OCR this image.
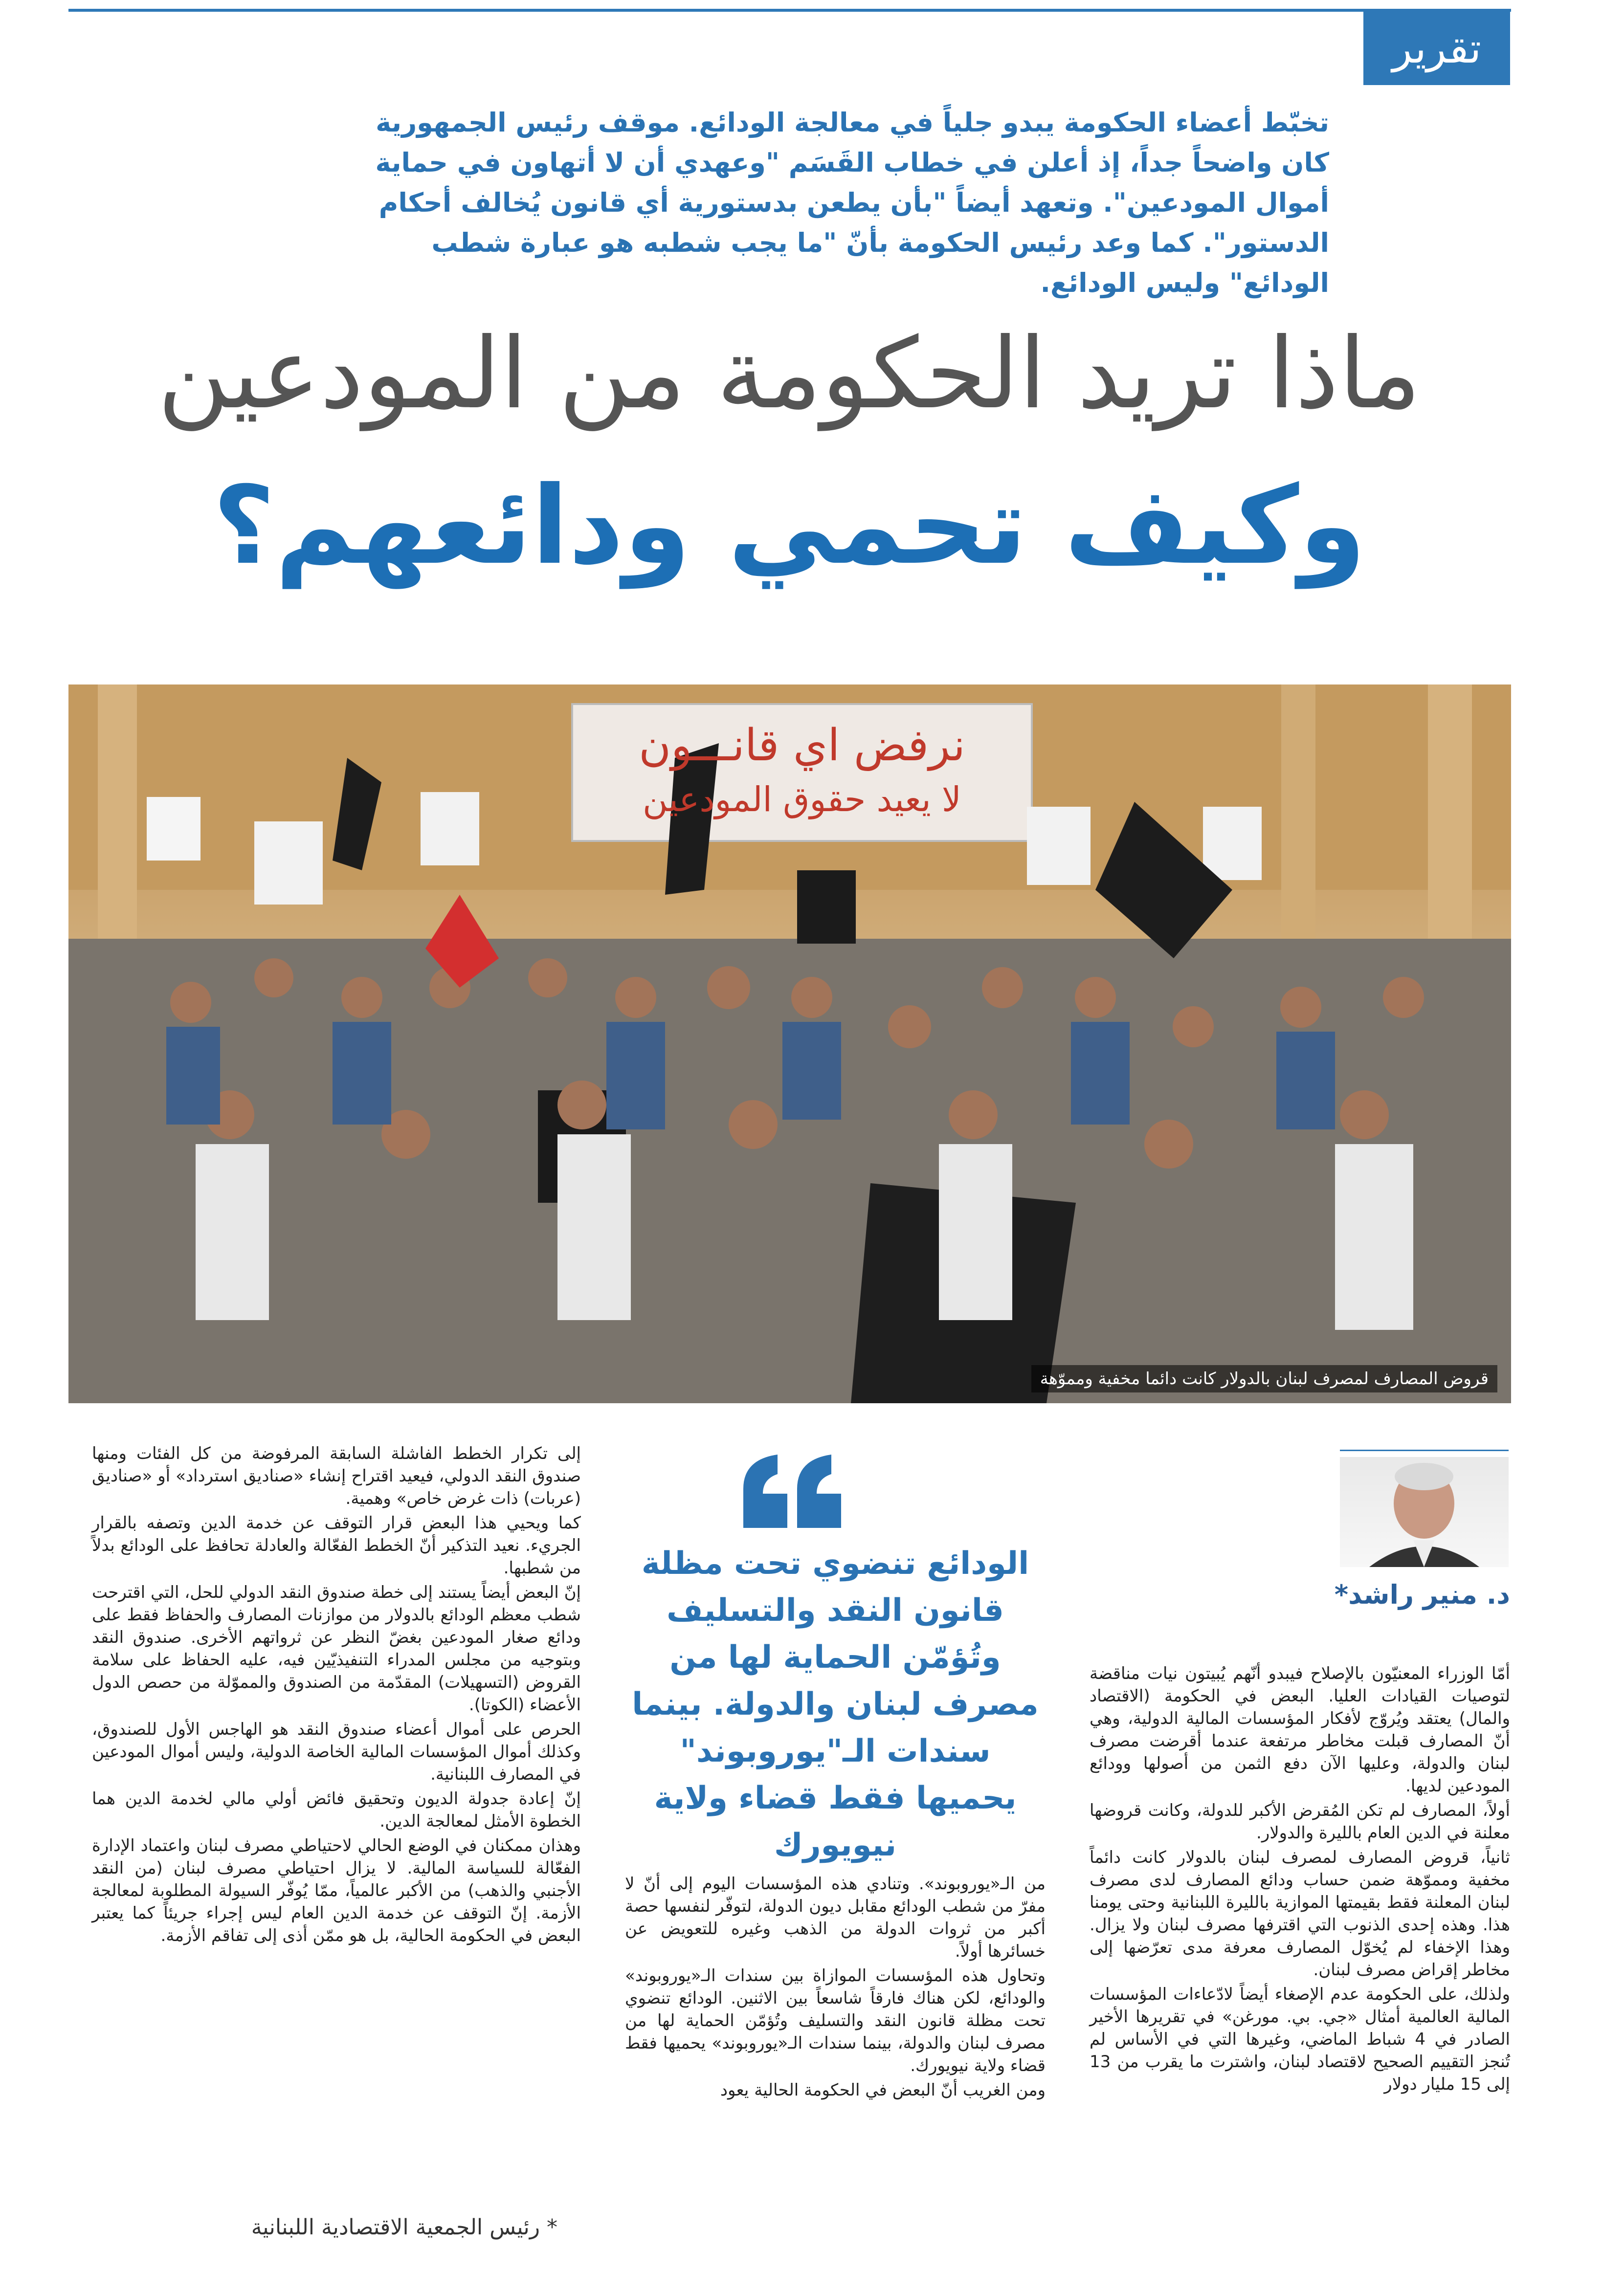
تقرير
تخبّط أعضاء الحكومة يبدو جلياً في معالجة الودائع. موقف رئيس الجمهورية كان واضحاً جداً، إذ أعلن في خطاب القَسَم "وعهدي أن لا أتهاون في حماية أموال المودعين". وتعهد أيضاً "بأن يطعن بدستورية أي قانون يُخالف أحكام الدستور". كما وعد رئيس الحكومة بأنّ "ما يجب شطبه هو عبارة شطب الودائع" وليس الودائع.
ماذا تريد الحكومة من المودعين
وكيف تحمي ودائعهم؟
نرفض اي قانـــون
لا يعيد حقوق المودعين
قروض المصارف لمصرف لبنان بالدولار كانت دائما مخفية ومموّهة
د. منير راشد*
الودائع تنضوي تحت مظلة قانون النقد والتسليف وتُؤمّن الحماية لها من مصرف لبنان والدولة. بينما سندات الـ"يوروبوند" يحميها فقط قضاء ولاية نيويورك

أمّا الوزراء المعنيّون بالإصلاح فيبدو أنّهم يُبيتون نيات مناقضة لتوصيات القيادات العليا. البعض في الحكومة (الاقتصاد والمال) يعتقد ويُروّج لأفكار المؤسسات المالية الدولية، وهي أنّ المصارف قبلت مخاطر مرتفعة عندما أقرضت مصرف لبنان والدولة، وعليها الآن دفع الثمن من أصولها وودائع المودعين لديها.

أولاً، المصارف لم تكن المُقرض الأكبر للدولة، وكانت قروضها معلنة في الدين العام بالليرة والدولار.

ثانياً، قروض المصارف لمصرف لبنان بالدولار كانت دائماً مخفية ومموّهة ضمن حساب ودائع المصارف لدى مصرف لبنان المعلنة فقط بقيمتها الموازية بالليرة اللبنانية وحتى يومنا هذا. وهذه إحدى الذنوب التي اقترفها مصرف لبنان ولا يزال. وهذا الإخفاء لم يُخوّل المصارف معرفة مدى تعرّضها إلى مخاطر إقراض مصرف لبنان.

ولذلك، على الحكومة عدم الإصغاء أيضاً لادّعاءات المؤسسات المالية العالمية أمثال «جي. بي. مورغن» في تقريرها الأخير الصادر في 4 شباط الماضي، وغيرها التي في الأساس لم تُنجز التقييم الصحيح لاقتصاد لبنان، واشترت ما يقرب من 13 إلى 15 مليار دولار

من الـ«يوروبوند». وتنادي هذه المؤسسات اليوم إلى أنّ لا مفرّ من شطب الودائع مقابل ديون الدولة، لتوفّر لنفسها حصة أكبر من ثروات الدولة من الذهب وغيره للتعويض عن خسائرها أولاً.

وتحاول هذه المؤسسات الموازاة بين سندات الـ«يوروبوند» والودائع، لكن هناك فارقاً شاسعاً بين الاثنين. الودائع تنضوي تحت مظلة قانون النقد والتسليف وتُؤمّن الحماية لها من مصرف لبنان والدولة، بينما سندات الـ«يوروبوند» يحميها فقط قضاء ولاية نيويورك.

ومن الغريب أنّ البعض في الحكومة الحالية يعود

إلى تكرار الخطط الفاشلة السابقة المرفوضة من كل الفئات ومنها صندوق النقد الدولي، فيعيد اقتراح إنشاء «صناديق استرداد» أو «صناديق (عربات) ذات غرض خاص» وهمية.

كما ويحيي هذا البعض قرار التوقف عن خدمة الدين وتصفه بالقرار الجريء. نعيد التذكير أنّ الخطط الفعّالة والعادلة تحافظ على الودائع بدلاً من شطبها.

إنّ البعض أيضاً يستند إلى خطة صندوق النقد الدولي للحل، التي اقترحت شطب معظم الودائع بالدولار من موازنات المصارف والحفاظ فقط على ودائع صغار المودعين بغضّ النظر عن ثرواتهم الأخرى. صندوق النقد وبتوجيه من مجلس المدراء التنفيذيّين فيه، عليه الحفاظ على سلامة القروض (التسهيلات) المقدّمة من الصندوق والمموّلة من حصص الدول الأعضاء (الكوتا).

الحرص على أموال أعضاء صندوق النقد هو الهاجس الأول للصندوق، وكذلك أموال المؤسسات المالية الخاصة الدولية، وليس أموال المودعين في المصارف اللبنانية.

إنّ إعادة جدولة الديون وتحقيق فائض أولي مالي لخدمة الدين هما الخطوة الأمثل لمعالجة الدين.

وهذان ممكنان في الوضع الحالي لاحتياطي مصرف لبنان واعتماد الإدارة الفعّالة للسياسة المالية. لا يزال احتياطي مصرف لبنان (من النقد الأجنبي والذهب) من الأكبر عالمياً، ممّا يُوفّر السيولة المطلوبة لمعالجة الأزمة. إنّ التوقف عن خدمة الدين العام ليس إجراء جريئاً كما يعتبر البعض في الحكومة الحالية، بل هو ممّن أذى إلى تفاقم الأزمة.

* رئيس الجمعية الاقتصادية اللبنانية
